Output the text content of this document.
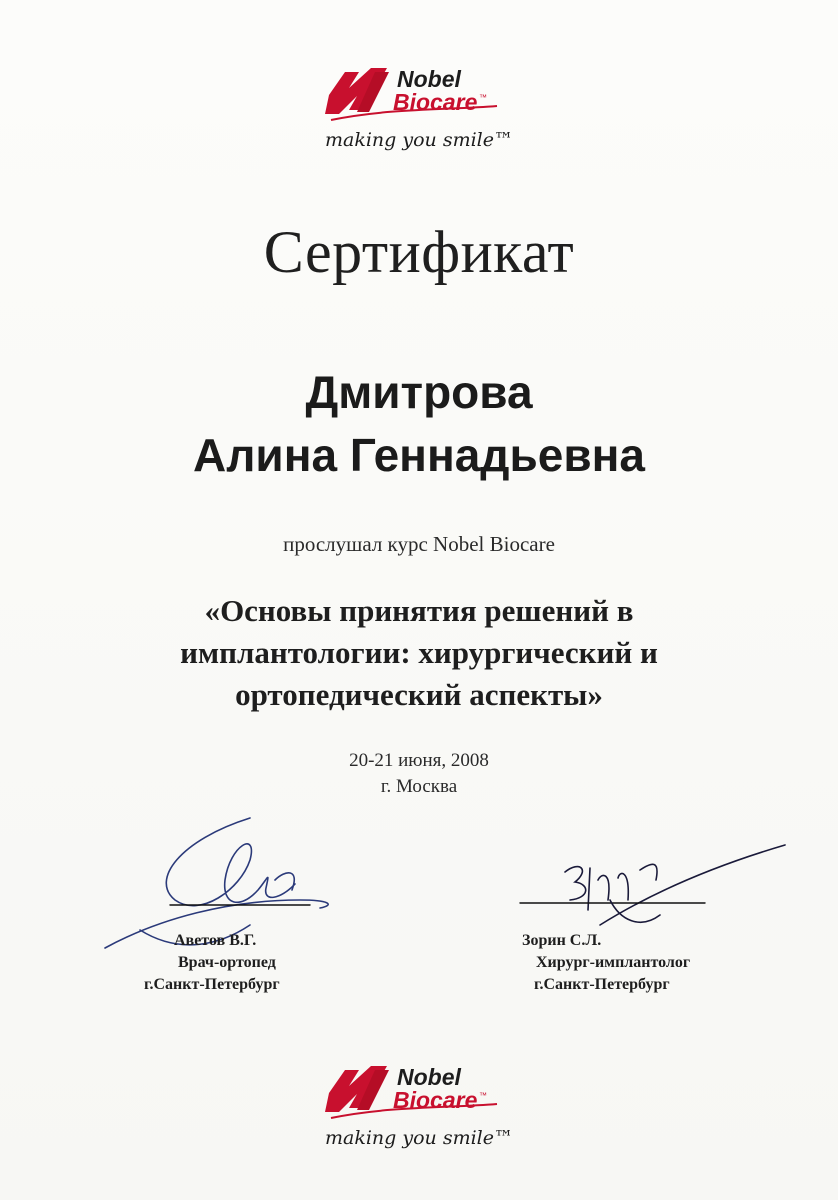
Nobel
Biocare ™
making you smile™
Сертификат
Дмитрова
Алина Геннадьевна
прослушал курс Nobel Biocare
«Основы принятия решений в
имплантологии: хирургический и
ортопедический аспекты»
20-21 июня, 2008
г. Москва
Аветов В.Г.
Врач-ортопед
г.Санкт-Петербург
Зорин С.Л.
Хирург-имплантолог
г.Санкт-Петербург
Nobel
Biocare ™
making you smile™
